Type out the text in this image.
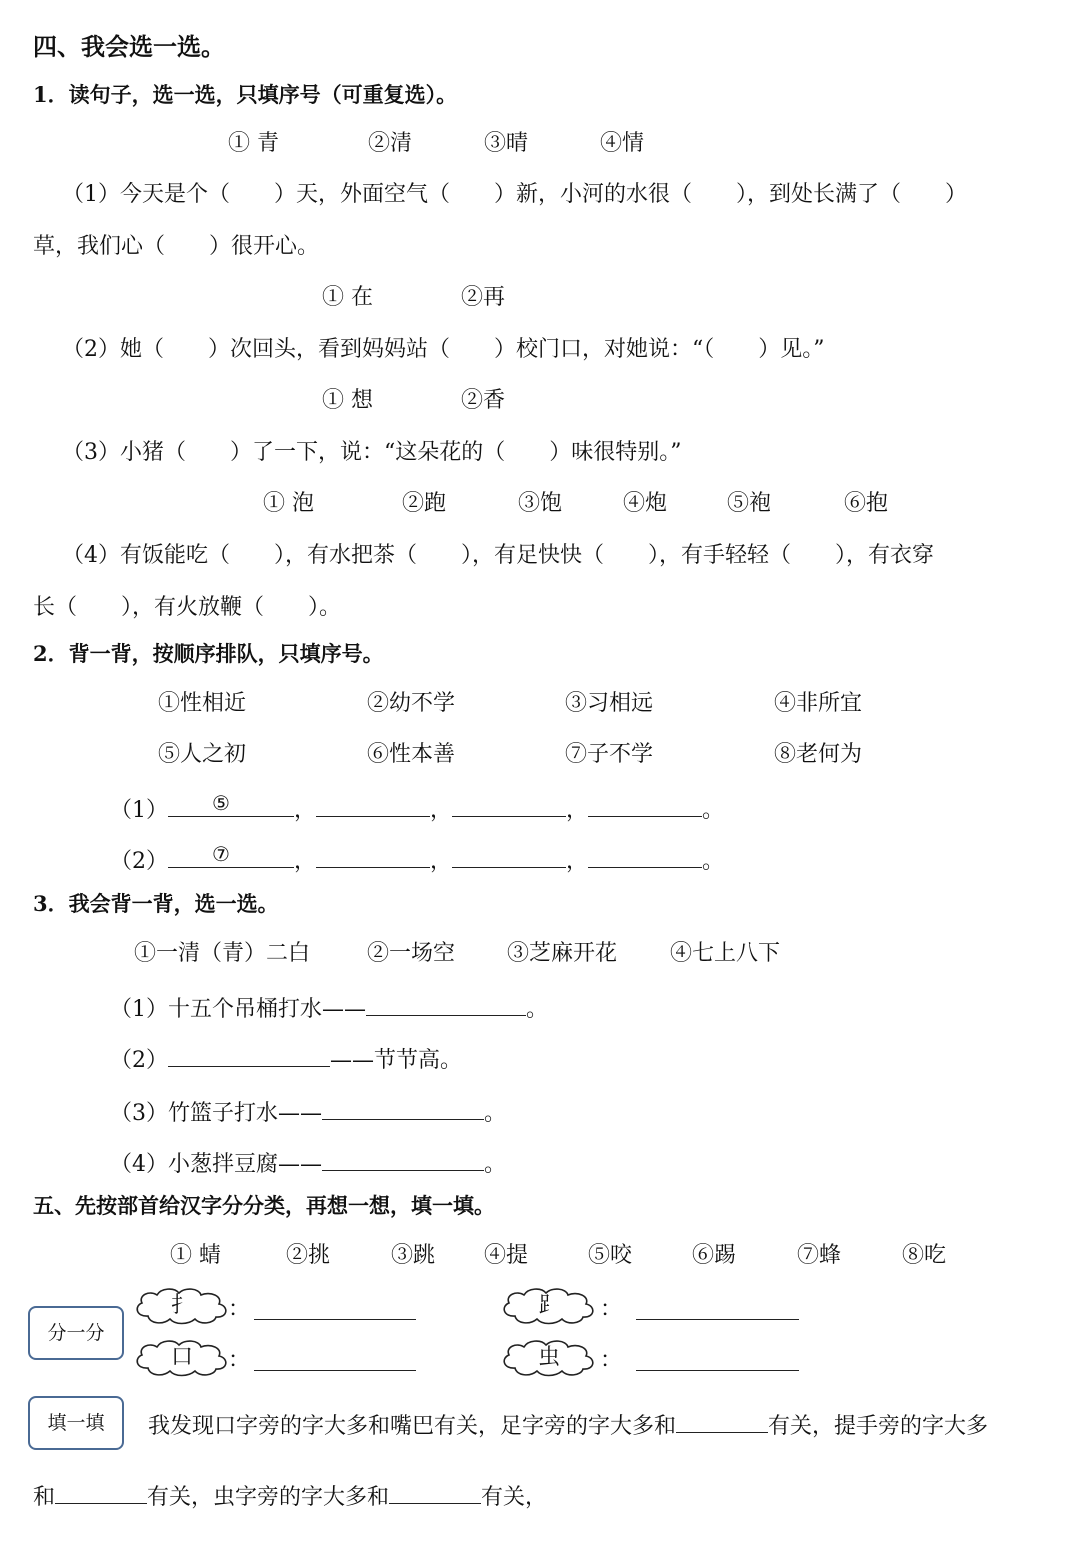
四、我会选一选。
1．读句子，选一选，只填序号（可重复选）。
① 青	②清	③晴	④情
（1）今天是个（　　）天，外面空气（　　）新，小河的水很（　　），到处长满了（　　）
草，我们心（　　）很开心。
① 在	②再
（2）她（　　）次回头，看到妈妈站（　　）校门口，对她说：“（　　）见。”
① 想	②香
（3）小猪（　　）了一下，说：“这朵花的（　　）味很特别。”
① 泡	②跑	③饱	④炮	⑤袍	⑥抱
（4）有饭能吃（　　），有水把茶（　　），有足快快（　　），有手轻轻（　　），有衣穿
长（　　），有火放鞭（　　）。
2．背一背，按顺序排队，只填序号。
①性相近	②幼不学	③习相远	④非所宜
⑤人之初	⑥性本善	⑦子不学	⑧老何为
（1）	⑤	，	，	，	。
（2）	⑦	，	，	，	。
3．我会背一背，选一选。
①一清（青）二白	②一场空 ③芝麻开花 ④七上八下
（1）十五个吊桶打水——	。
（2）	——节节高。
（3）竹篮子打水——	。
（4）小葱拌豆腐——	。
五、先按部首给汉字分分类，再想一想，填一填。
① 蜻	②挑	③跳 ④提	⑤咬	⑥踢	⑦蜂	⑧吃
分一分
扌	：	⻊	：
口	：	虫	：
填一填	我发现口字旁的字大多和嘴巴有关，足字旁的字大多和	有关，提手旁的字大多
和	有关，虫字旁的字大多和	有关，
